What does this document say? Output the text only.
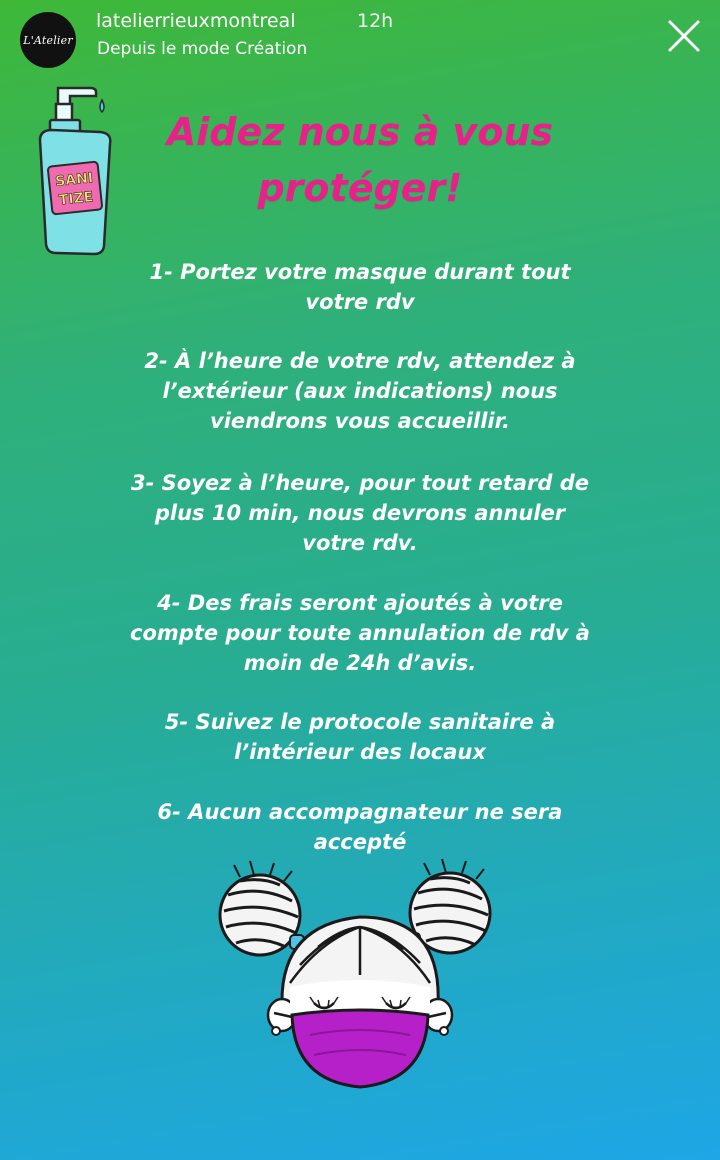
L'Atelier
latelierrieuxmontreal	12h
Depuis le mode Création
SANI
TIZE
Aidez nous à vous
protéger!
1- Portez votre masque durant tout
votre rdv
2- À l’heure de votre rdv, attendez à
l’extérieur (aux indications) nous
viendrons vous accueillir.
3- Soyez à l’heure, pour tout retard de
plus 10 min, nous devrons annuler
votre rdv.
4- Des frais seront ajoutés à votre
compte pour toute annulation de rdv à
moin de 24h d’avis.
5- Suivez le protocole sanitaire à
l’intérieur des locaux
6- Aucun accompagnateur ne sera
accepté
